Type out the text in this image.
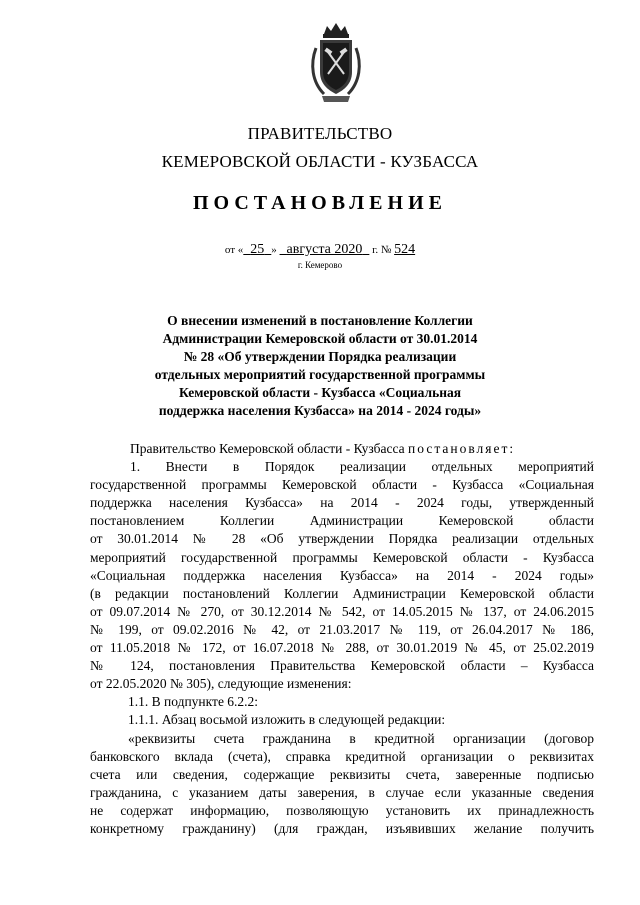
ПРАВИТЕЛЬСТВО
КЕМЕРОВСКОЙ ОБЛАСТИ - КУЗБАССА
ПОСТАНОВЛЕНИЕ
от « 25 » августа 2020 г. № 524
г. Кемерово
О внесении изменений в постановление Коллегии
Администрации Кемеровской области от 30.01.2014
№ 28 «Об утверждении Порядка реализации
отдельных мероприятий государственной программы
Кемеровской области - Кузбасса «Социальная
поддержка населения Кузбасса» на 2014 - 2024 годы»
Правительство Кемеровской области - Кузбасса постановляет:
1. Внести в Порядок реализации отдельных мероприятий
государственной программы Кемеровской области - Кузбасса «Социальная
поддержка населения Кузбасса» на 2014 - 2024 годы, утвержденный
постановлением Коллегии Администрации Кемеровской области
от 30.01.2014 № 28 «Об утверждении Порядка реализации отдельных
мероприятий государственной программы Кемеровской области - Кузбасса
«Социальная поддержка населения Кузбасса» на 2014 - 2024 годы»
(в редакции постановлений Коллегии Администрации Кемеровской области
от 09.07.2014 № 270, от 30.12.2014 № 542, от 14.05.2015 № 137, от 24.06.2015
№ 199, от 09.02.2016 № 42, от 21.03.2017 № 119, от 26.04.2017 № 186,
от 11.05.2018 № 172, от 16.07.2018 № 288, от 30.01.2019 № 45, от 25.02.2019
№ 124, постановления Правительства Кемеровской области – Кузбасса
от 22.05.2020 № 305), следующие изменения:
1.1. В подпункте 6.2.2:
1.1.1. Абзац восьмой изложить в следующей редакции:
«реквизиты счета гражданина в кредитной организации (договор
банковского вклада (счета), справка кредитной организации о реквизитах
счета или сведения, содержащие реквизиты счета, заверенные подписью
гражданина, с указанием даты заверения, в случае если указанные сведения
не содержат информацию, позволяющую установить их принадлежность
конкретному гражданину) (для граждан, изъявивших желание получить
